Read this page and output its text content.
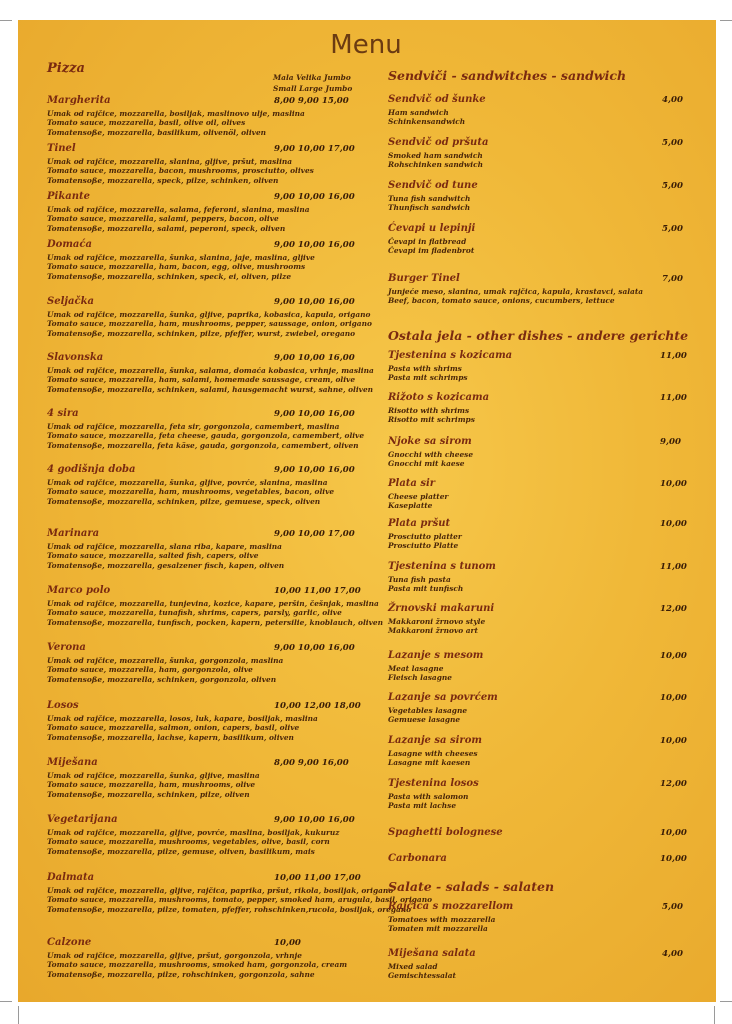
Menu
Pizza
Mala Velika Jumbo
Small Large Jumbo
Margherita	8,00 9,00 15,00
Umak od rajčice, mozzarella, bosiljak, maslinovo ulje, maslina
Tomato sauce, mozzarella, basil, olive oil, olives
Tomatensoße, mozzarella, basilikum, olivenöl, oliven
Tinel	9,00 10,00 17,00
Umak od rajčice, mozzarella, slanina, gljive, pršut, maslina
Tomato sauce, mozzarella, bacon, mushrooms, prosciutto, olives
Tomatensoße, mozzarella, speck, pilze, schinken, oliven
Pikante	9,00 10,00 16,00
Umak od rajčice, mozzarella, salama, feferoni, slanina, maslina
Tomato sauce, mozzarella, salami, peppers, bacon, olive
Tomatensoße, mozzarella, salami, peperoni, speck, oliven
Domaća	9,00 10,00 16,00
Umak od rajčice, mozzarella, šunka, slanina, jaje, maslina, gljive
Tomato sauce, mozzarella, ham, bacon, egg, olive, mushrooms
Tomatensoße, mozzarella, schinken, speck, ei, oliven, pilze
Seljačka	9,00 10,00 16,00
Umak od rajčice, mozzarella, šunka, gljive, paprika, kobasica, kapula, origano
Tomato sauce, mozzarella, ham, mushrooms, pepper, saussage, onion, origano
Tomatensoße, mozzarella, schinken, pilze, pfeffer, wurst, zwiebel, oregano
Slavonska	9,00 10,00 16,00
Umak od rajčice, mozzarella, šunka, salama, domaća kobasica, vrhnje, maslina
Tomato sauce, mozzarella, ham, salami, homemade saussage, cream, olive
Tomatensoße, mozzarella, schinken, salami, hausgemacht wurst, sahne, oliven
4 sira	9,00 10,00 16,00
Umak od rajčice, mozzarella, feta sir, gorgonzola, camembert, maslina
Tomato sauce, mozzarella, feta cheese, gauda, gorgonzola, camembert, olive
Tomatensoße, mozzarella, feta käse, gauda, gorgonzola, camembert, oliven
4 godišnja doba	9,00 10,00 16,00
Umak od rajčice, mozzarella, šunka, gljive, povrće, slanina, maslina
Tomato sauce, mozzarella, ham, mushrooms, vegetables, bacon, olive
Tomatensoße, mozzarella, schinken, pilze, gemuese, speck, oliven
Marinara	9,00 10,00 17,00
Umak od rajčice, mozzarella, slana riba, kapare, maslina
Tomato sauce, mozzarella, salted fish, capers, olive
Tomatensoße, mozzarella, gesalzener fisch, kapen, oliven
Marco polo	10,00 11,00 17,00
Umak od rajčice, mozzarella, tunjevina, kozice, kapare, peršin, češnjak, maslina
Tomato sauce, mozzarella, tunafish, shrims, capers, parsly, garlic, olive
Tomatensoße, mozzarella, tunfisch, pocken, kapern, petersilie, knoblauch, oliven
Verona	9,00 10,00 16,00
Umak od rajčice, mozzarella, šunka, gorgonzola, maslina
Tomato sauce, mozzarella, ham, gorgonzola, olive
Tomatensoße, mozzarella, schinken, gorgonzola, oliven
Losos	10,00 12,00 18,00
Umak od rajčice, mozzarella, losos, luk, kapare, bosiljak, maslina
Tomato sauce, mozzarella, salmon, onion, capers, basil, olive
Tomatensoße, mozzarella, lachse, kapern, basilikum, oliven
Miješana	8,00 9,00 16,00
Umak od rajčice, mozzarella, šunka, gljive, maslina
Tomato sauce, mozzarella, ham, mushrooms, olive
Tomatensoße, mozzarella, schinken, pilze, oliven
Vegetarijana	9,00 10,00 16,00
Umak od rajčice, mozzarella, gljive, povrće, maslina, bosiljak, kukuruz
Tomato sauce, mozzarella, mushrooms, vegetables, olive, basil, corn
Tomatensoße, mozzarella, pilze, gemuse, oliven, basilikum, mais
Dalmata	10,00 11,00 17,00
Umak od rajčice, mozzarella, gljive, rajčica, paprika, pršut, rikola, bosiljak, origano
Tomato sauce, mozzarella, mushrooms, tomato, pepper, smoked ham, arugula, basil, origano
Tomatensoße, mozzarella, pilze, tomaten, pfeffer, rohschinken,rucola, bosiljak, oregano
Calzone	10,00
Umak od rajčice, mozzarella, gljive, pršut, gorgonzola, vrhnje
Tomato sauce, mozzarella, mushrooms, smoked ham, gorgonzola, cream
Tomatensoße, mozzarella, pilze, rohschinken, gorgonzola, sahne
Sendviči - sandwitches - sandwich
Sendvič od šunke	4,00
Ham sandwich
Schinkensandwich
Sendvič od pršuta	5,00
Smoked ham sandwich
Rohschinken sandwich
Sendvič od tune	5,00
Tuna fish sandwitch
Thunfisch sandwich
Ćevapi u lepinji	5,00
Ćevapi in flatbread
Ćevapi im fladenbrot
Burger Tinel	7,00
Junjeće meso, slanina, umak rajčica, kapula, krastavci, salata
Beef, bacon, tomato sauce, onions, cucumbers, lettuce
Ostala jela - other dishes - andere gerichte
Tjestenina s kozicama	11,00
Pasta with shrims
Pasta mit schrimps
Rižoto s kozicama	11,00
Risotto with shrims
Risotto mit schrimps
Njoke sa sirom	9,00
Gnocchi with cheese
Gnocchi mit kaese
Plata sir	10,00
Cheese platter
Kaseplatte
Plata pršut	10,00
Prosciutto platter
Prosciutto Platte
Tjestenina s tunom	11,00
Tuna fish pasta
Pasta mit tunfisch
Žrnovski makaruni	12,00
Makkaroni žrnovo style
Makkaroni žrnovo art
Lazanje s mesom	10,00
Meat lasagne
Fleisch lasagne
Lazanje sa povrćem	10,00
Vegetables lasagne
Gemuese lasagne
Lazanje sa sirom	10,00
Lasagne with cheeses
Lasagne mit kaesen
Tjestenina losos	12,00
Pasta with salomon
Pasta mit lachse
Spaghetti bolognese	10,00
Carbonara	10,00
Salate - salads - salaten
Rajčica s mozzarellom	5,00
Tomatoes with mozzarella
Tomaten mit mozzarella
Miješana salata	4,00
Mixed salad
Gemischtessalat
